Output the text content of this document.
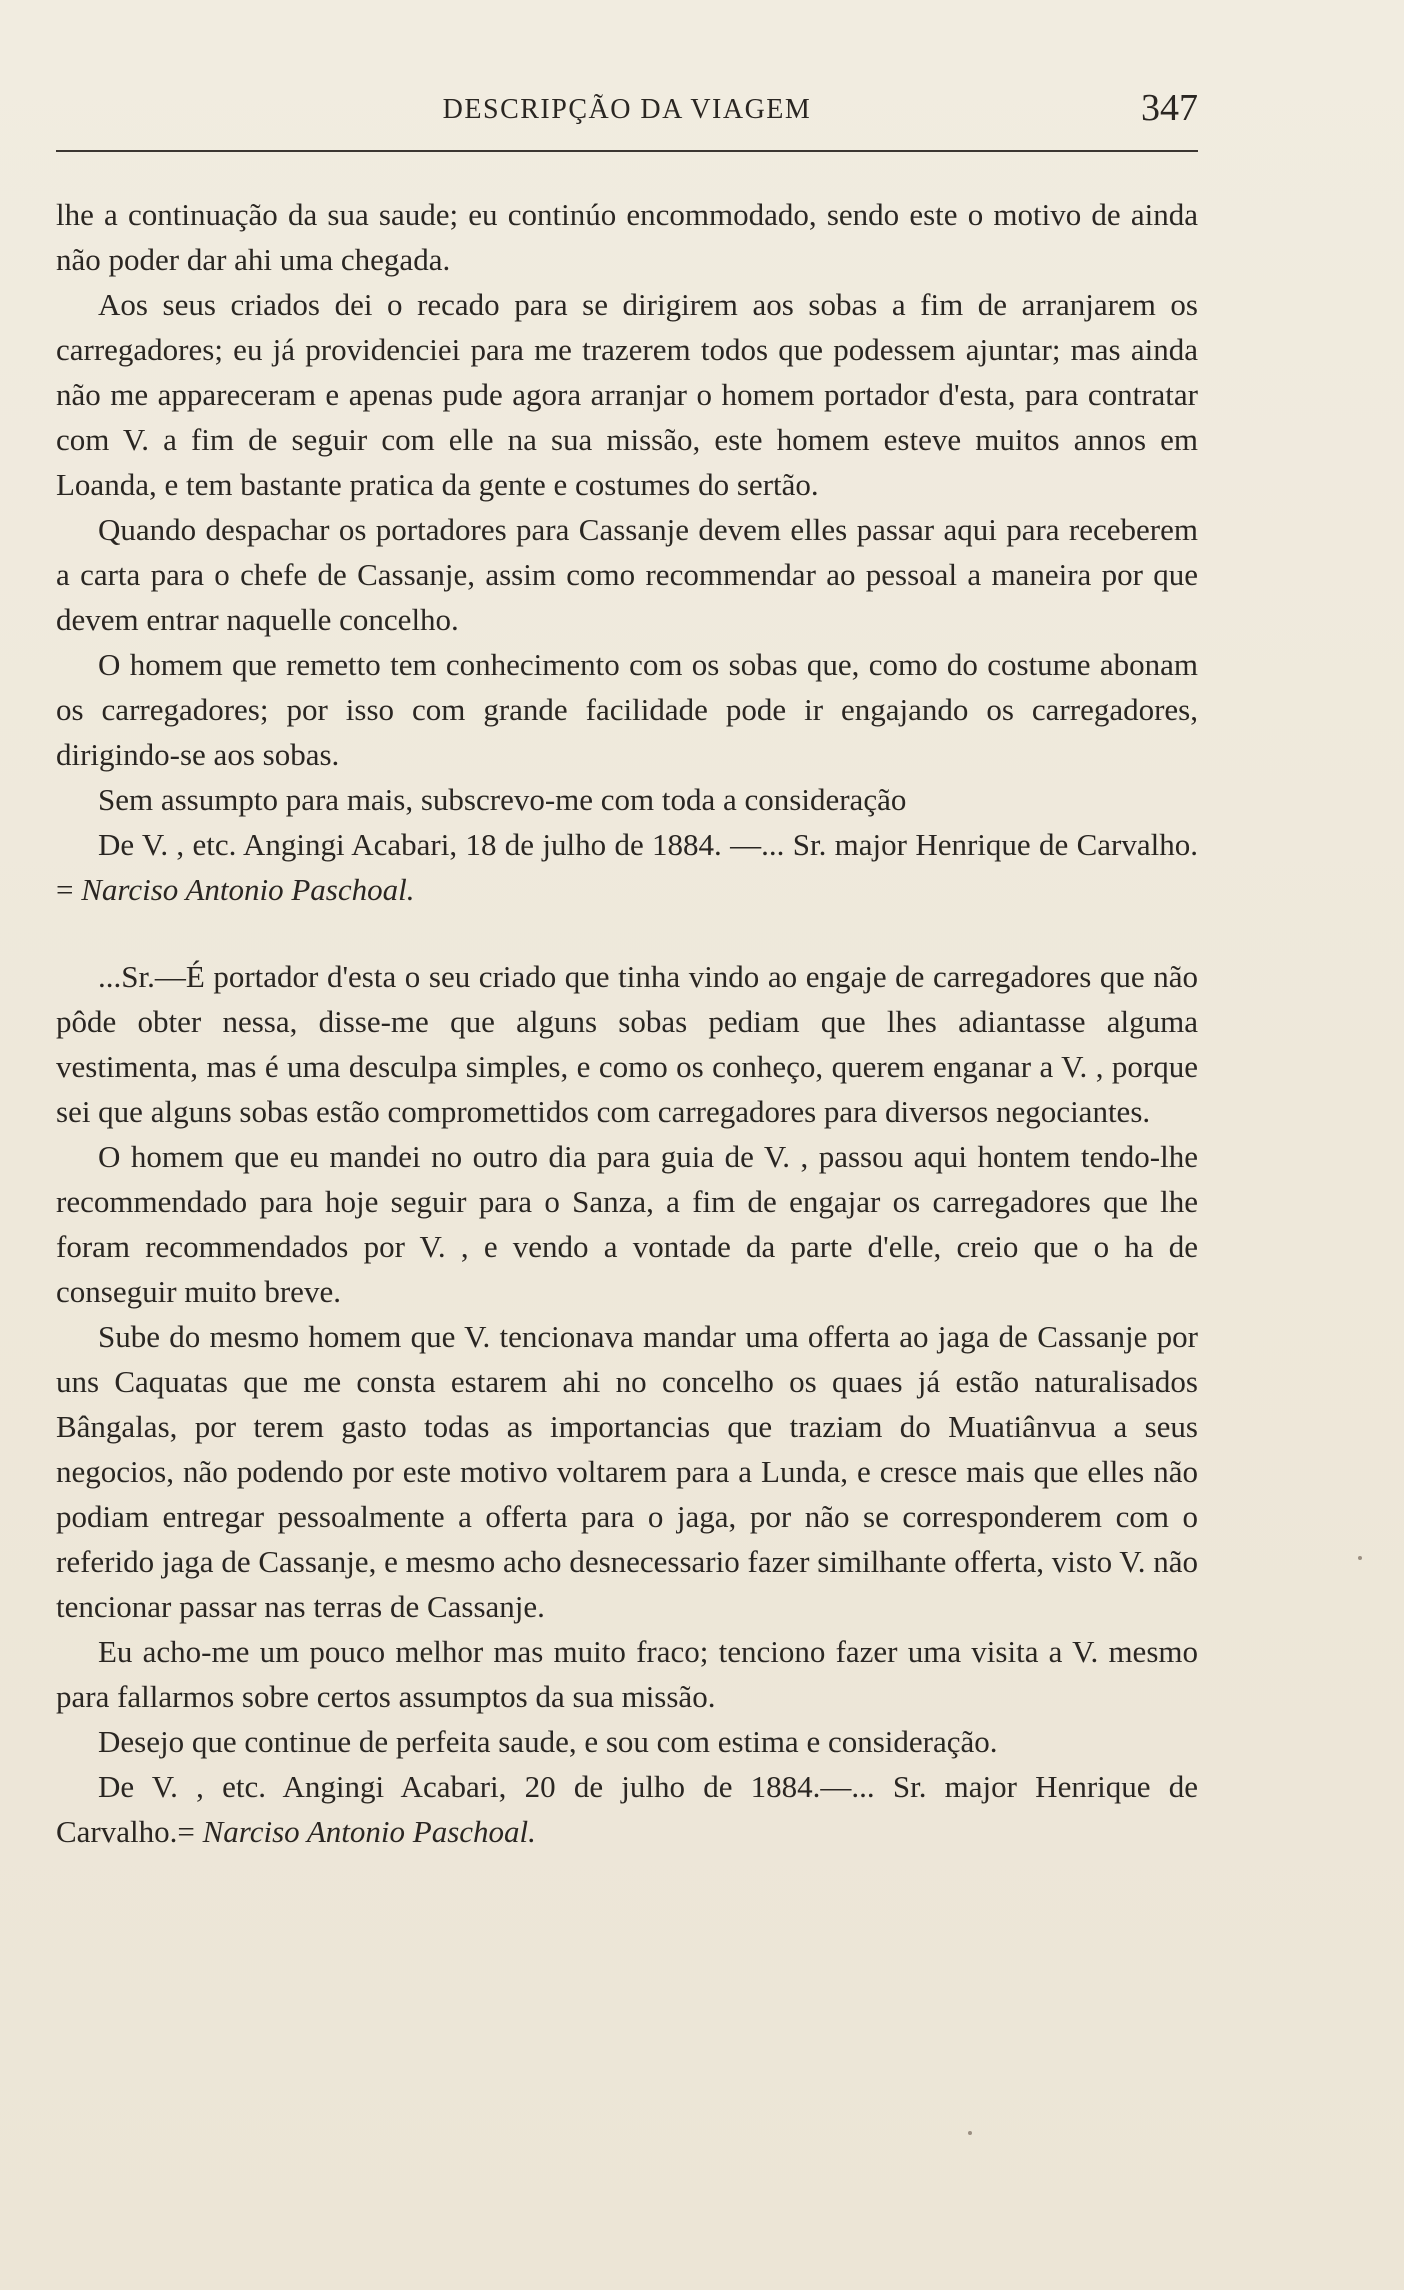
DESCRIPÇÃO DA VIAGEM	347

lhe a continuação da sua saude; eu continúo encommodado, sendo este o motivo de ainda não poder dar ahi uma chegada.

Aos seus criados dei o recado para se dirigirem aos sobas a fim de arranjarem os carregadores; eu já providenciei para me trazerem todos que podessem ajuntar; mas ainda não me appareceram e apenas pude agora arranjar o homem portador d'esta, para contratar com V. a fim de seguir com elle na sua missão, este homem esteve muitos annos em Loanda, e tem bastante pratica da gente e costumes do sertão.

Quando despachar os portadores para Cassanje devem elles passar aqui para receberem a carta para o chefe de Cassanje, assim como recommendar ao pessoal a maneira por que devem entrar naquelle concelho.

O homem que remetto tem conhecimento com os sobas que, como do costume abonam os carregadores; por isso com grande facilidade pode ir engajando os carregadores, dirigindo-se aos sobas.

Sem assumpto para mais, subscrevo-me com toda a consideração

De V. , etc. Angingi Acabari, 18 de julho de 1884. —... Sr. major Henrique de Carvalho. = Narciso Antonio Paschoal.

...Sr.—É portador d'esta o seu criado que tinha vindo ao engaje de carregadores que não pôde obter nessa, disse-me que alguns sobas pediam que lhes adiantasse alguma vestimenta, mas é uma desculpa simples, e como os conheço, querem enganar a V. , porque sei que alguns sobas estão compromettidos com carregadores para diversos negociantes.

O homem que eu mandei no outro dia para guia de V. , passou aqui hontem tendo-lhe recommendado para hoje seguir para o Sanza, a fim de engajar os carregadores que lhe foram recommendados por V. , e vendo a vontade da parte d'elle, creio que o ha de conseguir muito breve.

Sube do mesmo homem que V. tencionava mandar uma offerta ao jaga de Cassanje por uns Caquatas que me consta estarem ahi no concelho os quaes já estão naturalisados Bângalas, por terem gasto todas as importancias que traziam do Muatiânvua a seus negocios, não podendo por este motivo voltarem para a Lunda, e cresce mais que elles não podiam entregar pessoalmente a offerta para o jaga, por não se corresponderem com o referido jaga de Cassanje, e mesmo acho desnecessario fazer similhante offerta, visto V. não tencionar passar nas terras de Cassanje.

Eu acho-me um pouco melhor mas muito fraco; tenciono fazer uma visita a V. mesmo para fallarmos sobre certos assumptos da sua missão.

Desejo que continue de perfeita saude, e sou com estima e consideração.

De V. , etc. Angingi Acabari, 20 de julho de 1884.—... Sr. major Henrique de Carvalho.= Narciso Antonio Paschoal.
